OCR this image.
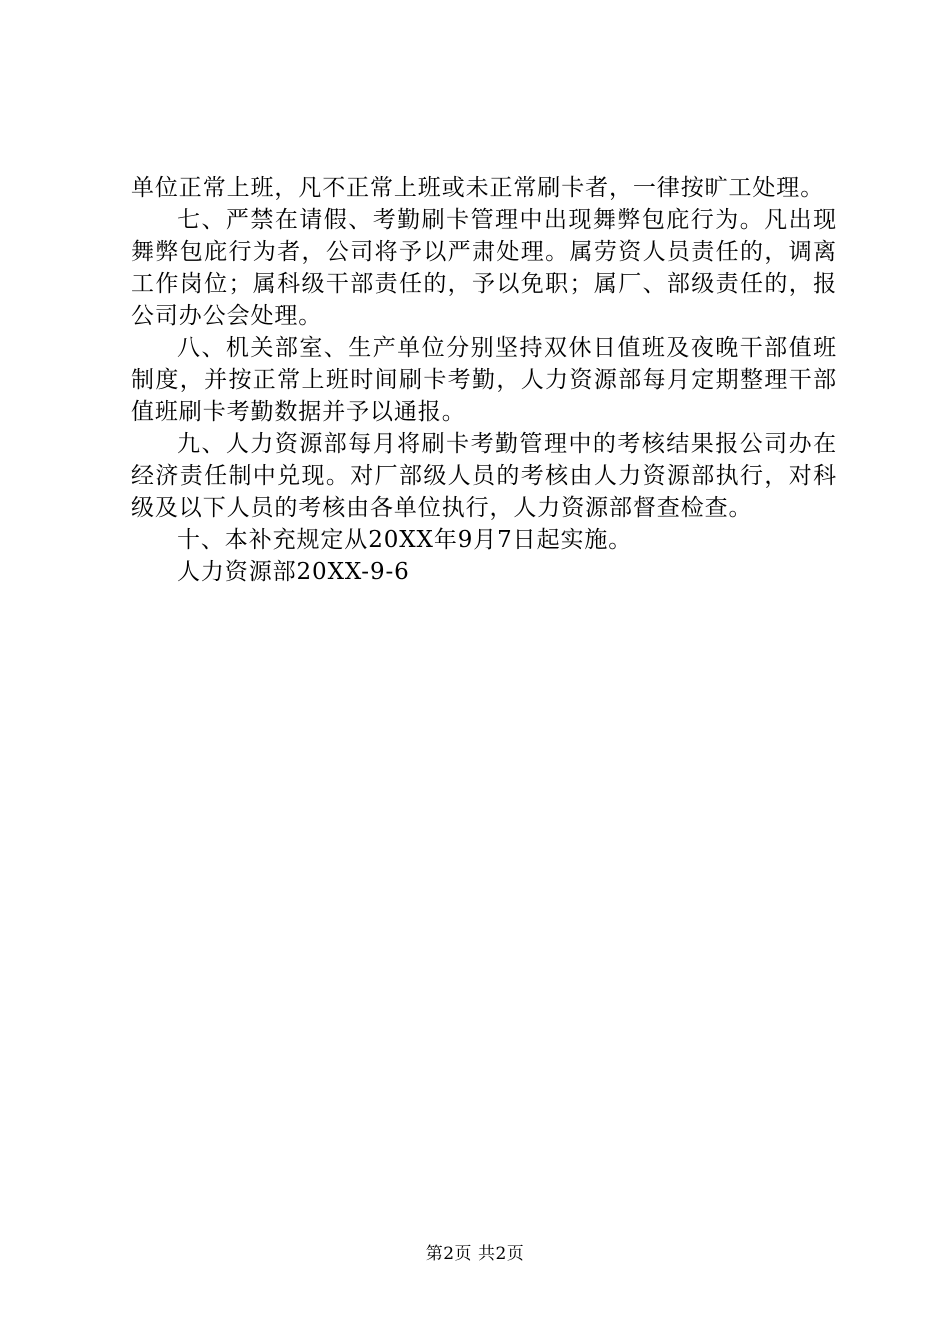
单位正常上班，凡不正常上班或未正常刷卡者，一律按旷工处理。

七、严禁在请假、考勤刷卡管理中出现舞弊包庇行为。凡出现舞弊包庇行为者，公司将予以严肃处理。属劳资人员责任的，调离工作岗位；属科级干部责任的，予以免职；属厂、部级责任的，报公司办公会处理。

八、机关部室、生产单位分别坚持双休日值班及夜晚干部值班制度，并按正常上班时间刷卡考勤，人力资源部每月定期整理干部值班刷卡考勤数据并予以通报。

九、人力资源部每月将刷卡考勤管理中的考核结果报公司办在经济责任制中兑现。对厂部级人员的考核由人力资源部执行，对科级及以下人员的考核由各单位执行，人力资源部督查检查。

十、本补充规定从20XX年9月7日起实施。

人力资源部20XX-9-6

第2页 共2页
